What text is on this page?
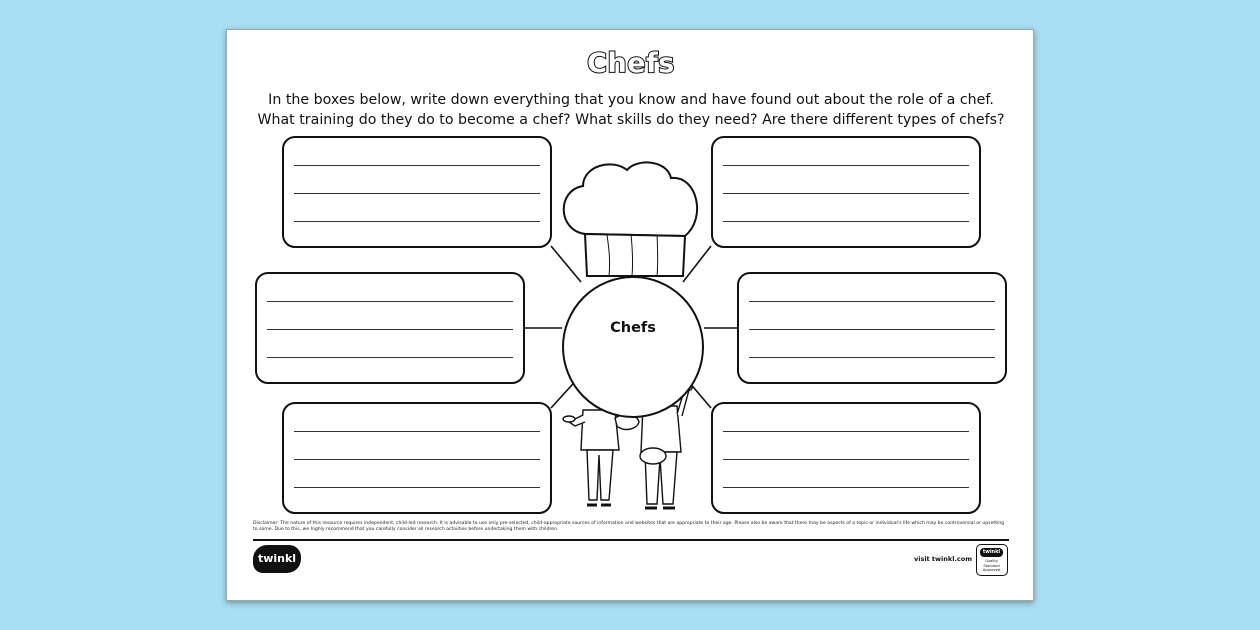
Chefs
In the boxes below, write down everything that you know and have found out about the role of a chef. What training do they do to become a chef? What skills do they need? Are there different types of chefs?
Chefs
Disclaimer: The nature of this resource requires independent, child-led research. It is advisable to use only pre-selected, child-appropriate sources of information and websites that are appropriate to their age. Please also be aware that there may be aspects of a topic or individual's life which may be controversial or upsetting to some. Due to this, we highly recommend that you carefully consider all research activities before undertaking them with children.
twinkl	visit twinkl.com
twinkl
Quality Standard Approved
